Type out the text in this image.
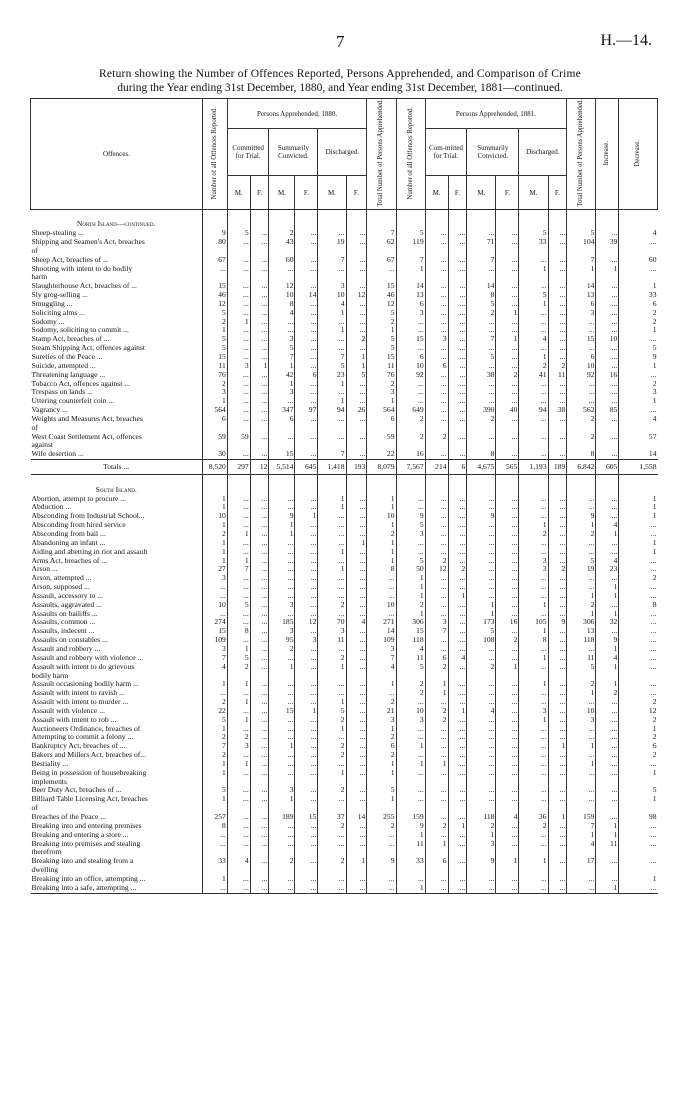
7	H.—14.
Return showing the Number of Offences Reported, Persons Apprehended, and Comparison of Crime
during the Year ending 31st December, 1880, and Year ending 31st December, 1881—continued.
Offences.	Number of all Offences Reported.	Persons Apprehended, 1880.						Total Number of Persons Apprehended.	Number of all Offences Reported.	Persons Apprehended, 1881.						Total Number of Persons Apprehended.	Increase.	Decrease.
		Committed for Trial.		Summarily Convicted.		Discharged.				Com-mitted for Trial.		Summarily Convicted.		Discharged.				
		M.	F.	M.	F.	M.	F.			M.	F.	M.	F.	M.	F.			
North Island—continued.																		
Sheep-stealing ...	9	5	...	2	...	...	...	7	5	...	...	...	...	5	...	5	...	4
Shipping and Seamen's Act, breaches	80	...	...	43	...	19	...	62	119	...	...	71	...	33	...	104	39	...
of																		
Sheep Act, breaches of ...	67	...	...	60	...	7	...	67	7	...	...	7	...	...	...	7	...	60
Shooting with intent to do bodily	...	...	...	...	...	...	...	...	1	...	...	...	...	1	...	1	1	...
harm																		
Slaughterhouse Act, breaches of ...	15	...	...	12	...	3	...	15	14	...	...	14	...	...	...	14	...	1
Sly grog-selling ...	46	...	...	10	14	10	12	46	13	...	...	8	...	5	...	13	...	33
Smuggling ...	12	...	...	8	...	4	...	12	6	...	...	5	...	1	...	6	...	6
Soliciting alms ...	5	...	...	4	...	1	...	5	3	...	...	2	1	...	...	3	...	2
Sodomy ...	2	1	...	...	...	...	...	2	...	...	...	...	...	...	...	...	...	2
Sodomy, soliciting to commit ...	1	...	...	...	...	1	...	1	...	...	...	...	...	...	...	...	...	1
Stamp Act, breaches of ...	5	...	...	3	...	...	2	5	15	3	...	7	1	4	...	15	10	...
Steam Shipping Act, offences against	5	...	...	5	...	...	...	5	...	...	...	...	...	...	...	...	...	5
Sureties of the Peace ...	15	...	...	7	...	7	1	15	6	...	...	5	...	1	...	6	...	9
Suicide, attempted ...	11	3	1	1	...	5	1	11	10	6	...	...	...	2	2	10	...	1
Threatening language ...	76	...	...	42	6	23	5	76	92	...	...	38	2	41	11	92	16	...
Tobacco Act, offences against ...	2	...	...	1	...	1	...	2	...	...	...	...	...	...	...	...	...	2
Trespass on lands ...	3	...	...	3	...	...	...	3	...	...	...	...	...	...	...	...	...	3
Uttering counterfeit coin ...	1	...	...	...	...	1	...	1	...	...	...	...	...	...	...	...	...	1
Vagrancy ...	564	...	...	347	97	94	26	564	649	...	...	390	40	94	38	562	85	...
Weights and Measures Act, breaches	6	...	...	6	...	...	...	6	2	...	...	2	...	...	...	2	...	4
of																		
West Coast Settlement Act, offences	59	59	...	...	...	...	...	59	2	2	...	...	...	...	...	2	...	57
against																		
Wife desertion ...	30	...	...	15	...	7	...	22	16	...	...	8	...	...	...	8	...	14
Totals ...	8,520	297	12	5,514	645	1,418	193	8,079	7,567	214	6	4,675	565	1,193	189	6,842	605	1,558
South Island.																		
Abortion, attempt to procure ...	1	...	...	...	...	1	...	1	...	...	...	...	...	...	...	...	...	1
Abduction ...	1	...	...	...	...	1	...	1	...	...	...	...	...	...	...	...	...	1
Absconding from Industrial School...	10	...	...	9	1	...	...	10	9	...	...	9	...	...	...	9	...	1
Absconding from hired service	1	...	...	1	...	...	...	1	5	...	...	...	...	1	...	1	4	...
Absconding from bail ...	2	1	...	1	...	...	...	2	3	...	...	...	...	2	...	2	1	...
Abandoning an infant ...	1	...	...	...	...	...	1	1	...	...	...	...	...	...	...	...	...	1
Aiding and abetting in riot and assault	1	...	...	...	...	1	...	1	...	...	...	...	...	...	...	...	...	1
Arms Act, breaches of ...	1	1	...	...	...	...	...	1	5	2	...	...	...	3	...	5	4	...
Arson ...	27	7	...	...	...	1	...	8	50	12	2	...	...	3	2	19	23	...
Arson, attempted ...	3	...	...	...	...	...	...	...	1	...	...	...	...	...	...	...	...	2
Arson, supposed ...	...	...	...	...	...	...	...	...	1	...	...	...	...	...	...	...	1	...
Assault, accessory to ...	...	...	...	...	...	...	...	...	1	...	1	...	...	...	...	1	1	...
Assaults, aggravated ...	10	5	...	3	...	2	...	10	2	...	...	1	...	1	...	2	...	8
Assaults on bailiffs ...	...	...	...	...	...	...	...	...	1	...	...	1	...	...	...	1	1	...
Assaults, common ...	274	...	...	185	12	70	4	271	306	3	...	173	16	105	9	306	32	...
Assaults, indecent ...	15	8	...	3	...	3	...	14	15	7	...	5	...	1	...	13	...	...
Assaults on constables ...	109	...	...	95	3	11	...	109	118	...	...	108	2	8	...	118	9	...
Assault and robbery ...	3	1	...	2	...	...	...	3	4	...	...	...	...	...	...	...	1	...
Assault and robbery with violence ...	7	5	...	...	...	2	...	7	11	6	4	...	...	1	...	11	4	...
Assault with intent to do grievous	4	2	...	1	...	1	...	4	5	2	...	2	1	...	...	5	1	...
bodily harm																		
Assault occasioning bodily harm ...	1	1	...	...	...	...	...	1	2	1	...	...	...	1	...	2	1	...
Assault with intent to ravish ...	...	...	...	...	...	...	...	...	2	1	...	...	...	...	...	1	2	...
Assault with intent to murder ...	2	1	...	...	...	1	...	2	...	...	...	...	...	...	...	...	...	2
Assault with violence ...	22	...	...	15	1	5	...	21	10	2	1	4	...	3	...	10	...	12
Assault with intent to rob ...	5	1	...	...	...	2	...	3	3	2	...	...	...	1	...	3	...	2
Auctioneers Ordinance, breaches of	1	...	...	...	...	1	...	1	...	...	...	...	...	...	...	...	...	1
Attempting to commit a felony ...	2	2	...	...	...	...	...	2	...	...	...	...	...	...	...	...	...	2
Bankruptcy Act, breaches of ...	7	3	...	1	...	2	...	6	1	...	...	...	...	...	1	1	...	6
Bakers and Millers Act, breaches of...	2	...	...	...	...	2	...	2	...	...	...	...	...	...	...	...	...	2
Bestiality ...	1	1	...	...	...	...	...	1	1	1	...	...	...	...	...	1	...	...
Being in possession of housebreaking	1	...	...	...	...	1	...	1	...	...	...	...	...	...	...	...	...	1
implements																		
Beer Duty Act, breaches of ...	5	...	...	3	...	2	...	5	...	...	...	...	...	...	...	...	...	5
Billiard Table Licensing Act, breaches	1	...	...	1	...	...	...	1	...	...	...	...	...	...	...	...	...	1
of																		
Breaches of the Peace ...	257	...	...	189	15	37	14	255	159	...	...	118	4	36	1	159	...	98
Breaking into and entering premises	8	...	...	...	...	2	...	2	9	2	1	2	...	2	...	7	1	...
Breaking and entering a store ...	...	...	...	...	...	...	...	...	1	...	...	1	...	...	...	1	1	...
Breaking into premises and stealing	...	...	...	...	...	...	...	...	11	1	...	3	...	...	...	4	11	...
therefrom																		
Breaking into and stealing from a	33	4	...	2	...	2	1	9	33	6	...	9	1	1	...	17	...	...
dwelling																		
Breaking into an office, attempting ...	1	...	...	...	...	...	...	...	...	...	...	...	...	...	...	...	...	1
Breaking into a safe, attempting ...	...	...	...	...	...	...	...	...	1	...	...	...	...	...	...	...	1	...
